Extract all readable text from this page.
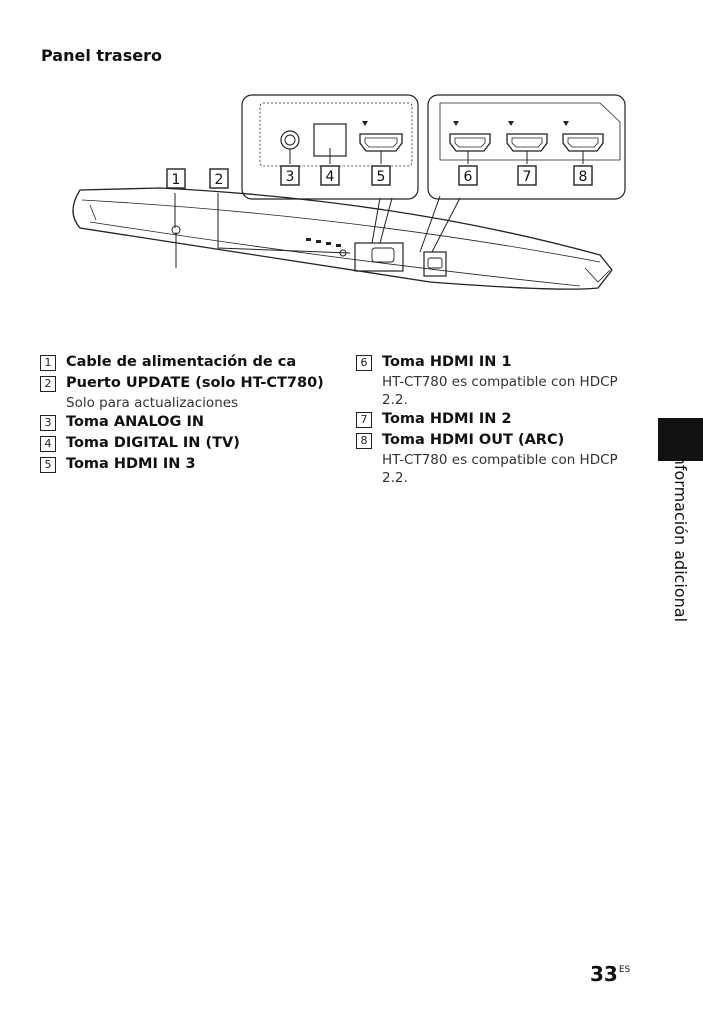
Panel trasero
1 2	3 4	5	6	7	8
1	Cable de alimentación de ca
2	Puerto UPDATE (solo HT-CT780)
Solo para actualizaciones
3	Toma ANALOG IN
4	Toma DIGITAL IN (TV)
5	Toma HDMI IN 3
6	Toma HDMI IN 1
HT-CT780 es compatible con HDCP 2.2.
7	Toma HDMI IN 2
8	Toma HDMI OUT (ARC)
HT-CT780 es compatible con HDCP 2.2.	Información adicional
$33^{ES}$
